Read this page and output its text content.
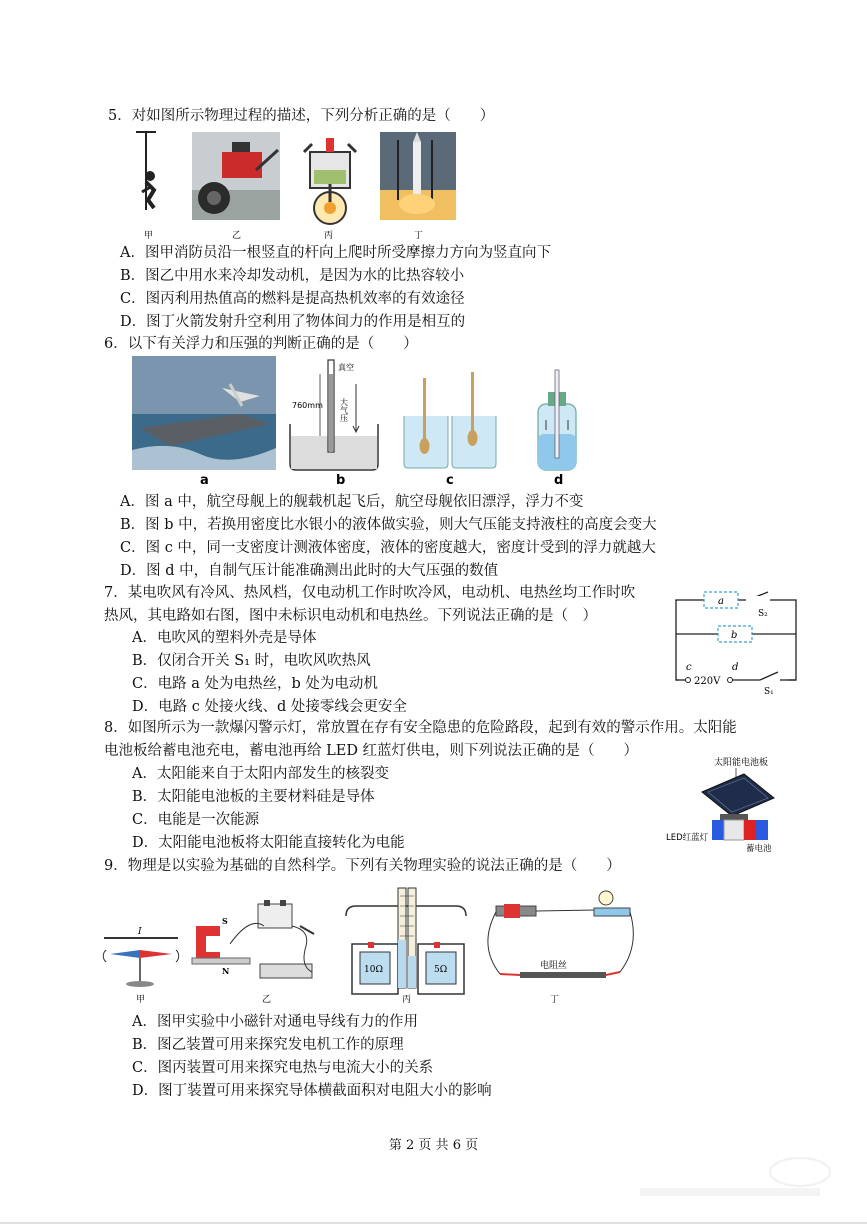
5．对如图所示物理过程的描述，下列分析正确的是（　　）
甲	乙	丙	丁
A．图甲消防员沿一根竖直的杆向上爬时所受摩擦力方向为竖直向下
B．图乙中用水来冷却发动机，是因为水的比热容较小
C．图丙利用热值高的燃料是提高热机效率的有效途径
D．图丁火箭发射升空利用了物体间力的作用是相互的
6．以下有关浮力和压强的判断正确的是（　　）
真空
大气压
760mm
a	b	c	d
A．图 a 中，航空母舰上的舰载机起飞后，航空母舰依旧漂浮，浮力不变
B．图 b 中，若换用密度比水银小的液体做实验，则大气压能支持液柱的高度会变大
C．图 c 中，同一支密度计测液体密度，液体的密度越大，密度计受到的浮力就越大
D．图 d 中，自制气压计能准确测出此时的大气压强的数值
7．某电吹风有冷风、热风档，仅电动机工作时吹冷风，电动机、电热丝均工作时吹
热风，其电路如右图，图中未标识电动机和电热丝。下列说法正确的是（　）
A．电吹风的塑料外壳是导体
B．仅闭合开关 S₁ 时，电吹风吹热风
C．电路 a 处为电热丝，b 处为电动机
D．电路 c 处接火线、d 处接零线会更安全
a
S₂
b
c	d
220V
S₁
8．如图所示为一款爆闪警示灯，常放置在存有安全隐患的危险路段，起到有效的警示作用。太阳能
电池板给蓄电池充电，蓄电池再给 LED 红蓝灯供电，则下列说法正确的是（　　）
A．太阳能来自于太阳内部发生的核裂变
B．太阳能电池板的主要材料硅是导体
C．电能是一次能源
D．太阳能电池板将太阳能直接转化为电能
太阳能电池板
LED红蓝灯
蓄电池
9．物理是以实验为基础的自然科学。下列有关物理实验的说法正确的是（　　）
I
S
N	10Ω	5Ω	电阻丝
甲	乙	丙	丁
A．图甲实验中小磁针对通电导线有力的作用
B．图乙装置可用来探究发电机工作的原理
C．图丙装置可用来探究电热与电流大小的关系
D．图丁装置可用来探究导体横截面积对电阻大小的影响
第 2 页 共 6 页
